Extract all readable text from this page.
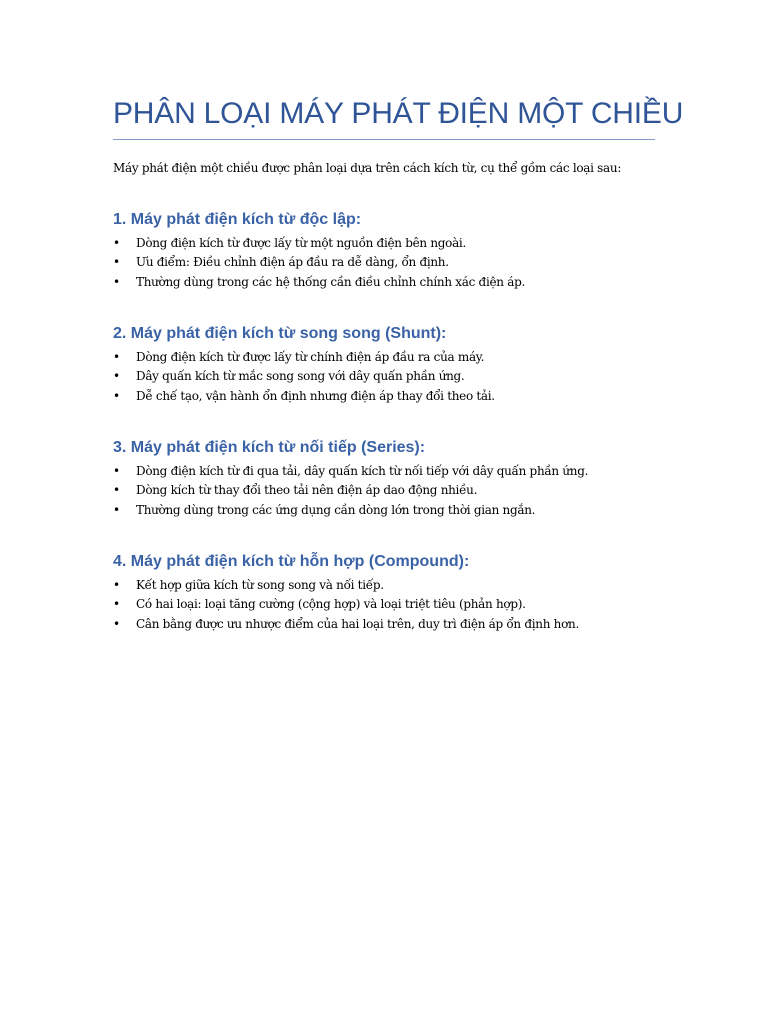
PHÂN LOẠI MÁY PHÁT ĐIỆN MỘT CHIỀU

Máy phát điện một chiều được phân loại dựa trên cách kích từ, cụ thể gồm các loại sau:

1. Máy phát điện kích từ độc lập:
• Dòng điện kích từ được lấy từ một nguồn điện bên ngoài.
• Ưu điểm: Điều chỉnh điện áp đầu ra dễ dàng, ổn định.
• Thường dùng trong các hệ thống cần điều chỉnh chính xác điện áp.
2. Máy phát điện kích từ song song (Shunt):
• Dòng điện kích từ được lấy từ chính điện áp đầu ra của máy.
• Dây quấn kích từ mắc song song với dây quấn phần ứng.
• Dễ chế tạo, vận hành ổn định nhưng điện áp thay đổi theo tải.
3. Máy phát điện kích từ nối tiếp (Series):
• Dòng điện kích từ đi qua tải, dây quấn kích từ nối tiếp với dây quấn phần ứng.
• Dòng kích từ thay đổi theo tải nên điện áp dao động nhiều.
• Thường dùng trong các ứng dụng cần dòng lớn trong thời gian ngắn.
4. Máy phát điện kích từ hỗn hợp (Compound):
• Kết hợp giữa kích từ song song và nối tiếp.
• Có hai loại: loại tăng cường (cộng hợp) và loại triệt tiêu (phản hợp).
• Cân bằng được ưu nhược điểm của hai loại trên, duy trì điện áp ổn định hơn.
